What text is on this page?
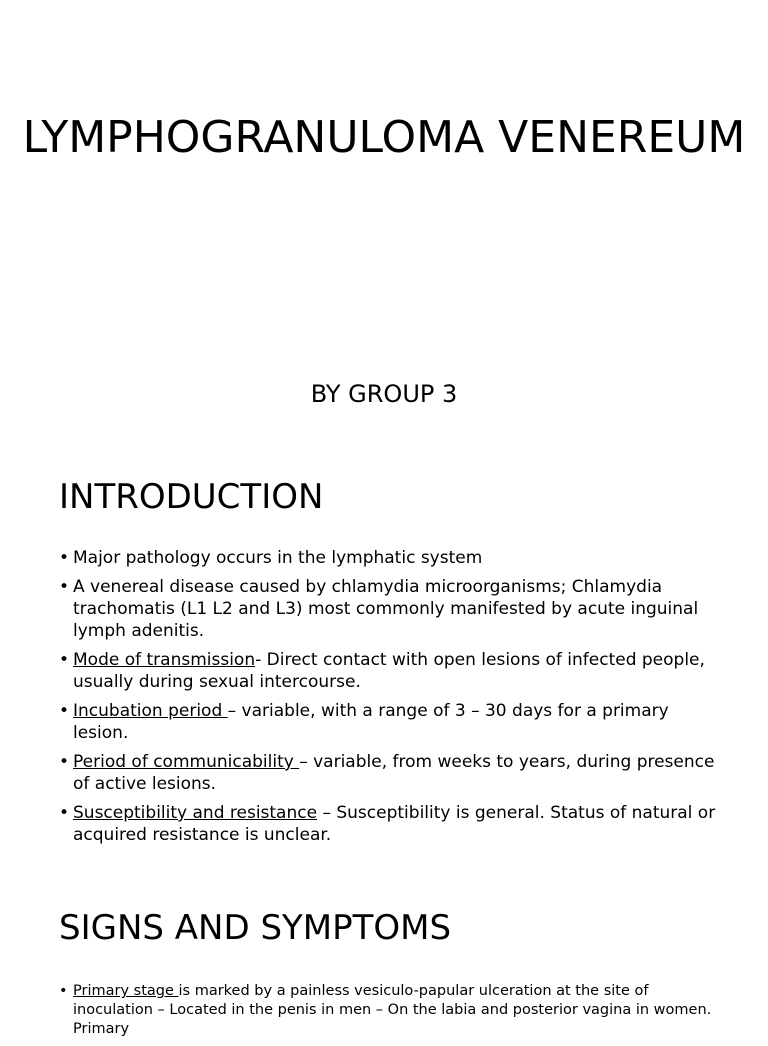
LYMPHOGRANULOMA VENEREUM
BY GROUP 3
INTRODUCTION
• Major pathology occurs in the lymphatic system
• A venereal disease caused by chlamydia microorganisms; Chlamydia trachomatis (L1 L2 and L3) most commonly manifested by acute inguinal lymph adenitis.
• Mode of transmission- Direct contact with open lesions of infected people, usually during sexual intercourse.
• Incubation period – variable, with a range of 3 – 30 days for a primary lesion.
• Period of communicability – variable, from weeks to years, during presence of active lesions.
• Susceptibility and resistance – Susceptibility is general. Status of natural or acquired resistance is unclear.
SIGNS AND SYMPTOMS
• Primary stage is marked by a painless vesiculo-papular ulceration at the site of inoculation – Located in the penis in men – On the labia and posterior vagina in women. Primary
